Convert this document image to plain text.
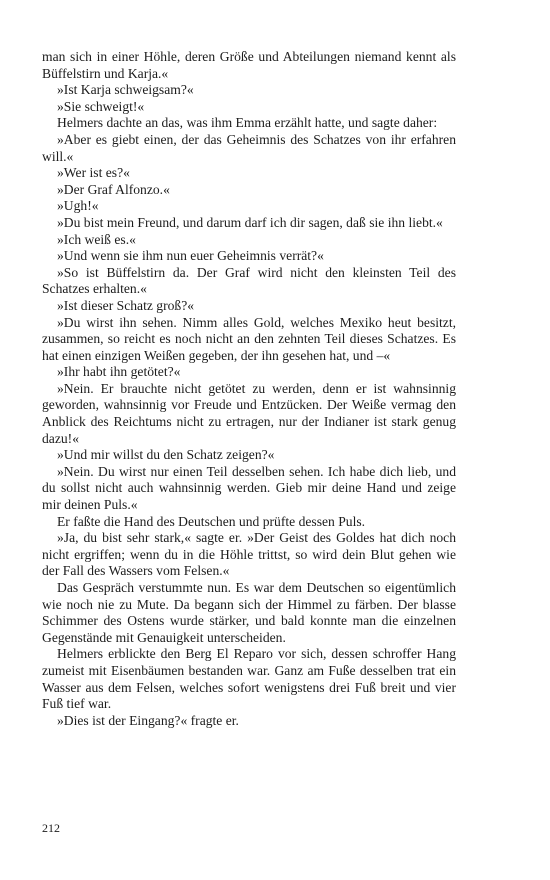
man sich in einer Höhle, deren Größe und Abteilungen niemand kennt als Büffelstirn und Karja.«

»Ist Karja schweigsam?«

»Sie schweigt!«

Helmers dachte an das, was ihm Emma erzählt hatte, und sagte daher:

»Aber es giebt einen, der das Geheimnis des Schatzes von ihr erfahren will.«

»Wer ist es?«

»Der Graf Alfonzo.«

»Ugh!«

»Du bist mein Freund, und darum darf ich dir sagen, daß sie ihn liebt.«

»Ich weiß es.«

»Und wenn sie ihm nun euer Geheimnis verrät?«

»So ist Büffelstirn da. Der Graf wird nicht den kleinsten Teil des Schatzes erhalten.«

»Ist dieser Schatz groß?«

»Du wirst ihn sehen. Nimm alles Gold, welches Mexiko heut besitzt, zusammen, so reicht es noch nicht an den zehnten Teil dieses Schatzes. Es hat einen einzigen Weißen gegeben, der ihn gesehen hat, und –«

»Ihr habt ihn getötet?«

»Nein. Er brauchte nicht getötet zu werden, denn er ist wahnsinnig geworden, wahnsinnig vor Freude und Entzücken. Der Weiße vermag den Anblick des Reichtums nicht zu ertragen, nur der Indianer ist stark genug dazu!«

»Und mir willst du den Schatz zeigen?«

»Nein. Du wirst nur einen Teil desselben sehen. Ich habe dich lieb, und du sollst nicht auch wahnsinnig werden. Gieb mir deine Hand und zeige mir deinen Puls.«

Er faßte die Hand des Deutschen und prüfte dessen Puls.

»Ja, du bist sehr stark,« sagte er. »Der Geist des Goldes hat dich noch nicht ergriffen; wenn du in die Höhle trittst, so wird dein Blut gehen wie der Fall des Wassers vom Felsen.«

Das Gespräch verstummte nun. Es war dem Deutschen so eigentümlich wie noch nie zu Mute. Da begann sich der Himmel zu färben. Der blasse Schimmer des Ostens wurde stärker, und bald konnte man die einzelnen Gegenstände mit Genauigkeit unterscheiden.

Helmers erblickte den Berg El Reparo vor sich, dessen schroffer Hang zumeist mit Eisenbäumen bestanden war. Ganz am Fuße desselben trat ein Wasser aus dem Felsen, welches sofort wenigstens drei Fuß breit und vier Fuß tief war.

»Dies ist der Eingang?« fragte er.

212
